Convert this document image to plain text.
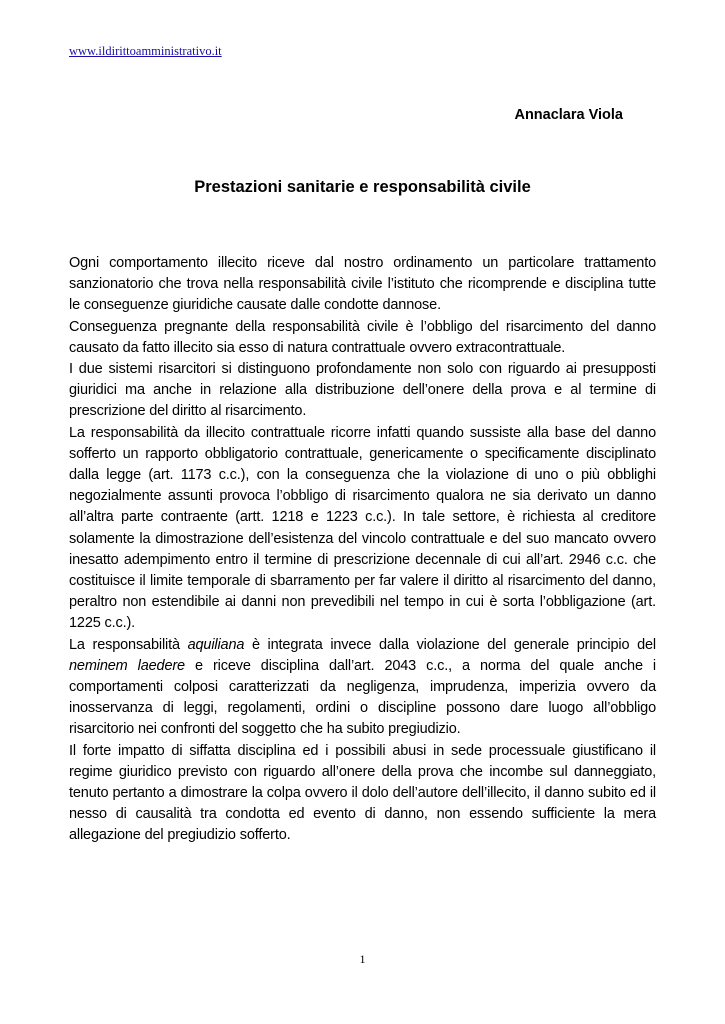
www.ildirittoamministrativo.it
Annaclara Viola
Prestazioni sanitarie e responsabilità civile

Ogni comportamento illecito riceve dal nostro ordinamento un particolare trattamento sanzionatorio che trova nella responsabilità civile l’istituto che ricomprende e disciplina tutte le conseguenze giuridiche causate dalle condotte dannose.

Conseguenza pregnante della responsabilità civile è l’obbligo del risarcimento del danno causato da fatto illecito sia esso di natura contrattuale ovvero extracontrattuale.

I due sistemi risarcitori si distinguono profondamente non solo con riguardo ai presupposti giuridici ma anche in relazione alla distribuzione dell’onere della prova e al termine di prescrizione del diritto al risarcimento.

La responsabilità da illecito contrattuale ricorre infatti quando sussiste alla base del danno sofferto un rapporto obbligatorio contrattuale, genericamente o specificamente disciplinato dalla legge (art. 1173 c.c.), con la conseguenza che la violazione di uno o più obblighi negozialmente assunti provoca l’obbligo di risarcimento qualora ne sia derivato un danno all’altra parte contraente (artt. 1218 e 1223 c.c.). In tale settore, è richiesta al creditore solamente la dimostrazione dell’esistenza del vincolo contrattuale e del suo mancato ovvero inesatto adempimento entro il termine di prescrizione decennale di cui all’art. 2946 c.c. che costituisce il limite temporale di sbarramento per far valere il diritto al risarcimento del danno, peraltro non estendibile ai danni non prevedibili nel tempo in cui è sorta l’obbligazione (art. 1225 c.c.).

La responsabilità aquiliana è integrata invece dalla violazione del generale principio del neminem laedere e riceve disciplina dall’art. 2043 c.c., a norma del quale anche i comportamenti colposi caratterizzati da negligenza, imprudenza, imperizia ovvero da inosservanza di leggi, regolamenti, ordini o discipline possono dare luogo all’obbligo risarcitorio nei confronti del soggetto che ha subito pregiudizio.

Il forte impatto di siffatta disciplina ed i possibili abusi in sede processuale giustificano il regime giuridico previsto con riguardo all’onere della prova che incombe sul danneggiato, tenuto pertanto a dimostrare la colpa ovvero il dolo dell’autore dell’illecito, il danno subito ed il nesso di causalità tra condotta ed evento di danno, non essendo sufficiente la mera allegazione del pregiudizio sofferto.

1
